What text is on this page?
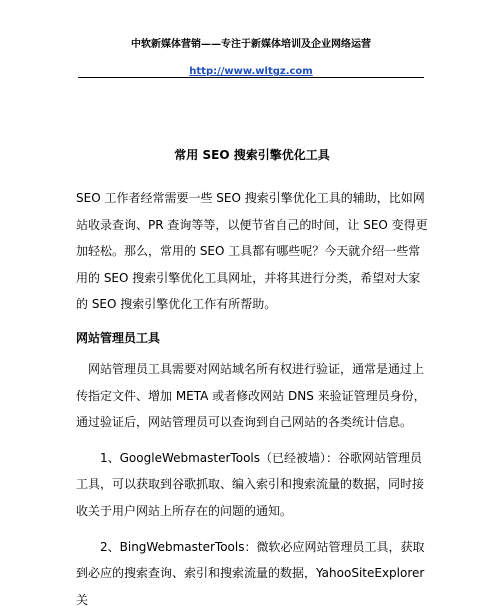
中软新媒体营销——专注于新媒体培训及企业网络运营
http://www.wltgz.com
常用 SEO 搜索引擎优化工具

SEO 工作者经常需要一些 SEO 搜索引擎优化工具的辅助，比如网站收录查询、PR 查询等等，以便节省自己的时间，让 SEO 变得更加轻松。那么，常用的 SEO 工具都有哪些呢？今天就介绍一些常用的 SEO 搜索引擎优化工具网址，并将其进行分类，希望对大家的 SEO 搜索引擎优化工作有所帮助。

网站管理员工具

网站管理员工具需要对网站域名所有权进行验证，通常是通过上传指定文件、增加 META 或者修改网站 DNS 来验证管理员身份，通过验证后，网站管理员可以查询到自己网站的各类统计信息。

1、GoogleWebmasterTools（已经被墙）：谷歌网站管理员工具，可以获取到谷歌抓取、编入索引和搜索流量的数据，同时接收关于用户网站上所存在的问题的通知。

2、BingWebmasterTools：微软必应网站管理员工具，获取到必应的搜索查询、索引和搜索流量的数据，YahooSiteExplorer 关
